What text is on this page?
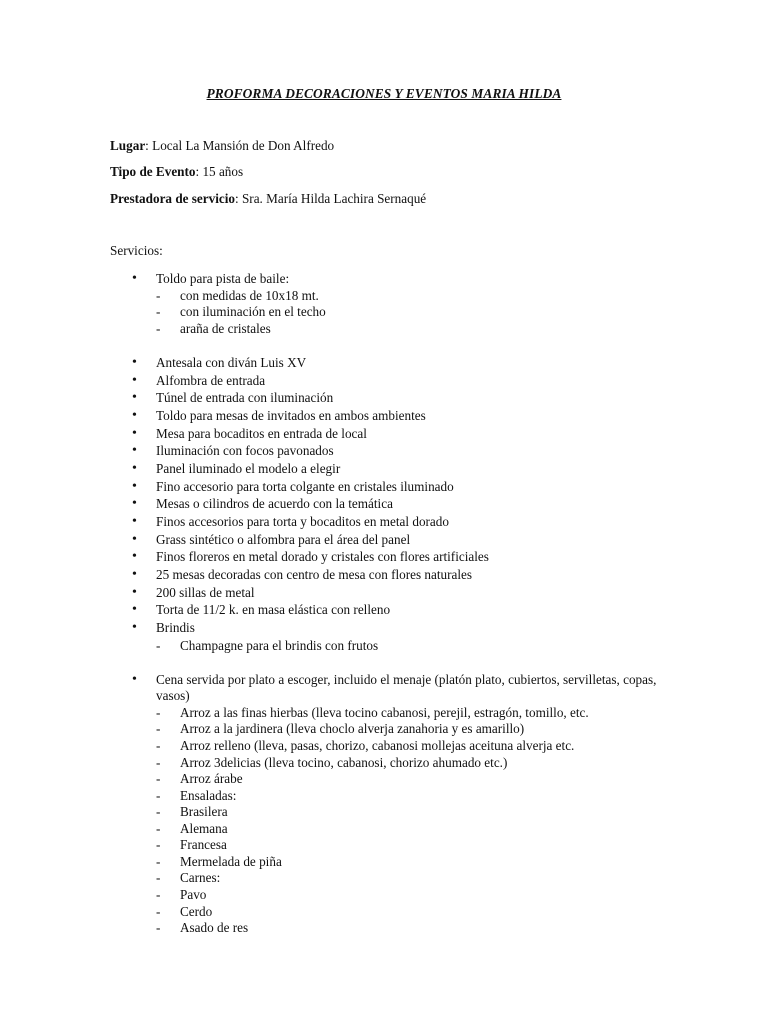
PROFORMA DECORACIONES Y EVENTOS MARIA HILDA
Lugar: Local La Mansión de Don Alfredo
Tipo de Evento: 15 años
Prestadora de servicio: Sra. María Hilda Lachira Sernaqué
Servicios:
• Toldo para pista de baile:
- con medidas de 10x18 mt.
- con iluminación en el techo
- araña de cristales
• Antesala con diván Luis XV
• Alfombra de entrada
• Túnel de entrada con iluminación
• Toldo para mesas de invitados en ambos ambientes
• Mesa para bocaditos en entrada de local
• Iluminación con focos pavonados
• Panel iluminado el modelo a elegir
• Fino accesorio para torta colgante en cristales iluminado
• Mesas o cilindros de acuerdo con la temática
• Finos accesorios para torta y bocaditos en metal dorado
• Grass sintético o alfombra para el área del panel
• Finos floreros en metal dorado y cristales con flores artificiales
• 25 mesas decoradas con centro de mesa con flores naturales
• 200 sillas de metal
• Torta de 11/2 k. en masa elástica con relleno
• Brindis
- Champagne para el brindis con frutos
• Cena servida por plato a escoger, incluido el menaje (platón plato, cubiertos, servilletas, copas, vasos)
- Arroz a las finas hierbas (lleva tocino cabanosi, perejil, estragón, tomillo, etc.
- Arroz a la jardinera (lleva choclo alverja zanahoria y es amarillo)
- Arroz relleno (lleva, pasas, chorizo, cabanosi mollejas aceituna alverja etc.
- Arroz 3delicias (lleva tocino, cabanosi, chorizo ahumado etc.)
- Arroz árabe
- Ensaladas:
- Brasilera
- Alemana
- Francesa
- Mermelada de piña
- Carnes:
- Pavo
- Cerdo
- Asado de res
